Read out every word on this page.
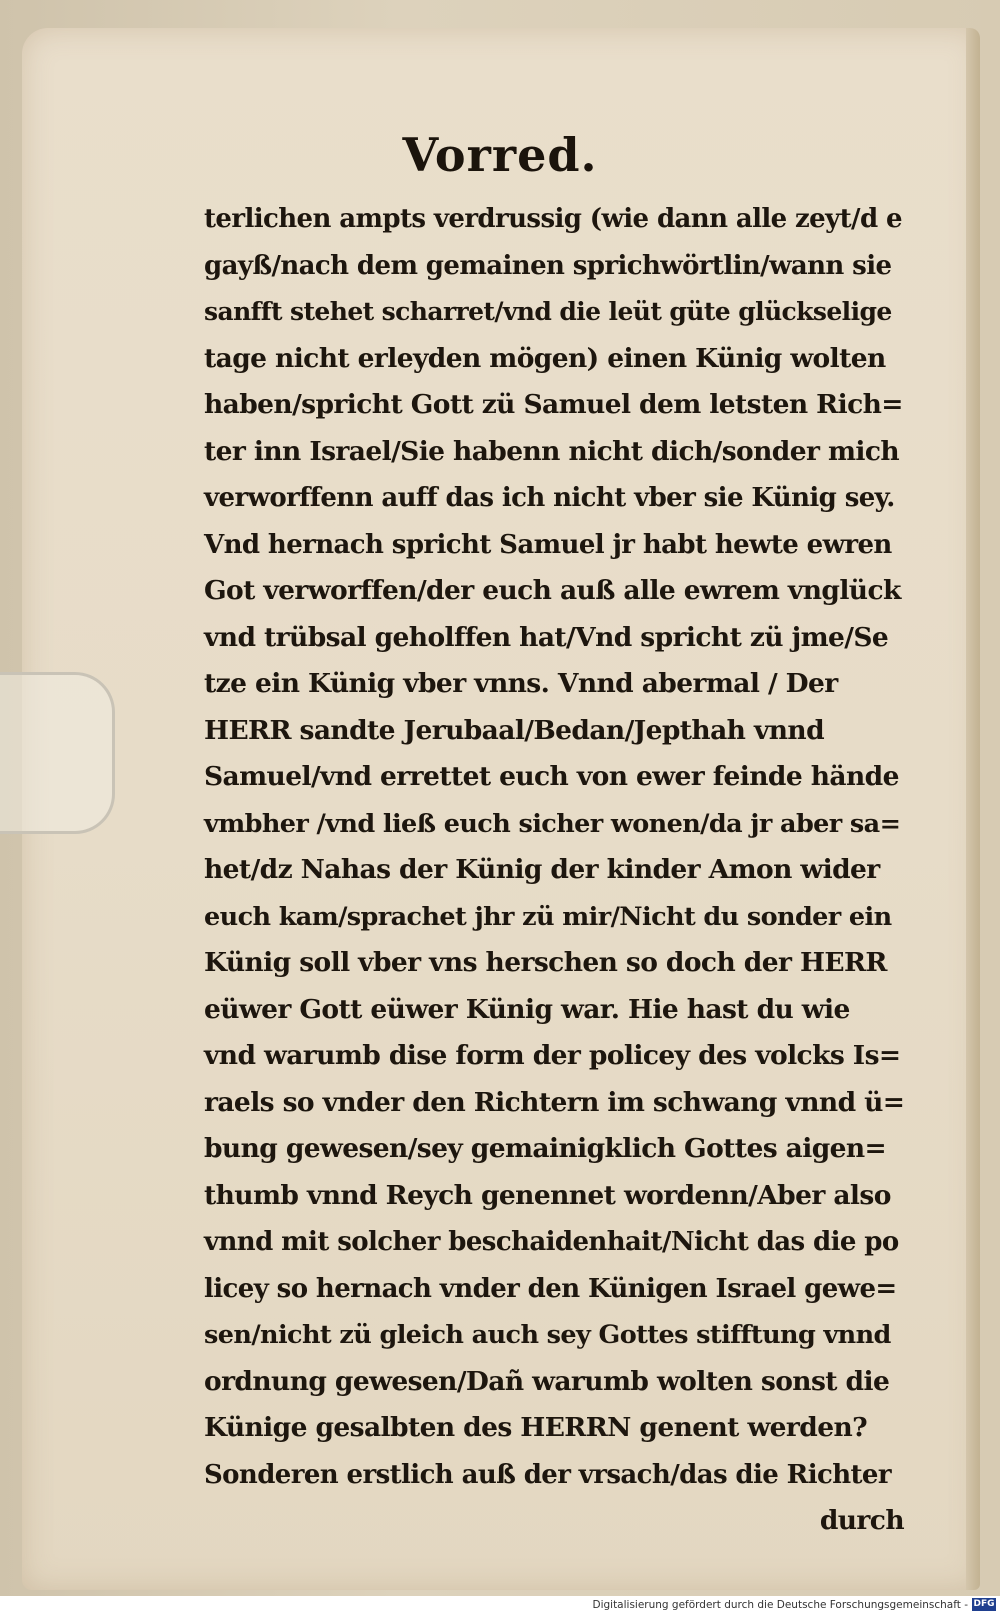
Vorred.
terlichen ampts verdrussig (wie dann alle zeyt/d e
gayß/nach dem gemainen sprichwörtlin/wann sie
sanfft stehet scharret/vnd die leüt güte glückselige
tage nicht erleyden mögen) einen Künig wolten
haben/spricht Gott zü Samuel dem letsten Rich=
ter inn Israel/Sie habenn nicht dich/sonder mich
verworffenn auff das ich nicht vber sie Künig sey.
Vnd hernach spricht Samuel jr habt hewte ewren
Got verworffen/der euch auß alle ewrem vnglück
vnd trübsal geholffen hat/Vnd spricht zü jme/Se
tze ein Künig vber vnns. Vnnd abermal / Der
HERR sandte Jerubaal/Bedan/Jepthah vnnd
Samuel/vnd errettet euch von ewer feinde hände
vmbher /vnd ließ euch sicher wonen/da jr aber sa=
het/dz Nahas der Künig der kinder Amon wider
euch kam/sprachet jhr zü mir/Nicht du sonder ein
Künig soll vber vns herschen so doch der HERR
eüwer Gott eüwer Künig war. Hie hast du wie
vnd warumb dise form der policey des volcks Is=
raels so vnder den Richtern im schwang vnnd ü=
bung gewesen/sey gemainigklich Gottes aigen=
thumb vnnd Reych genennet wordenn/Aber also
vnnd mit solcher beschaidenhait/Nicht das die po
licey so hernach vnder den Künigen Israel gewe=
sen/nicht zü gleich auch sey Gottes stifftung vnnd
ordnung gewesen/Dañ warumb wolten sonst die
Künige gesalbten des HERRN genent werden?
Sonderen erstlich auß der vrsach/das die Richter
durch
Digitalisierung gefördert durch die Deutsche Forschungsgemeinschaft - DFG
